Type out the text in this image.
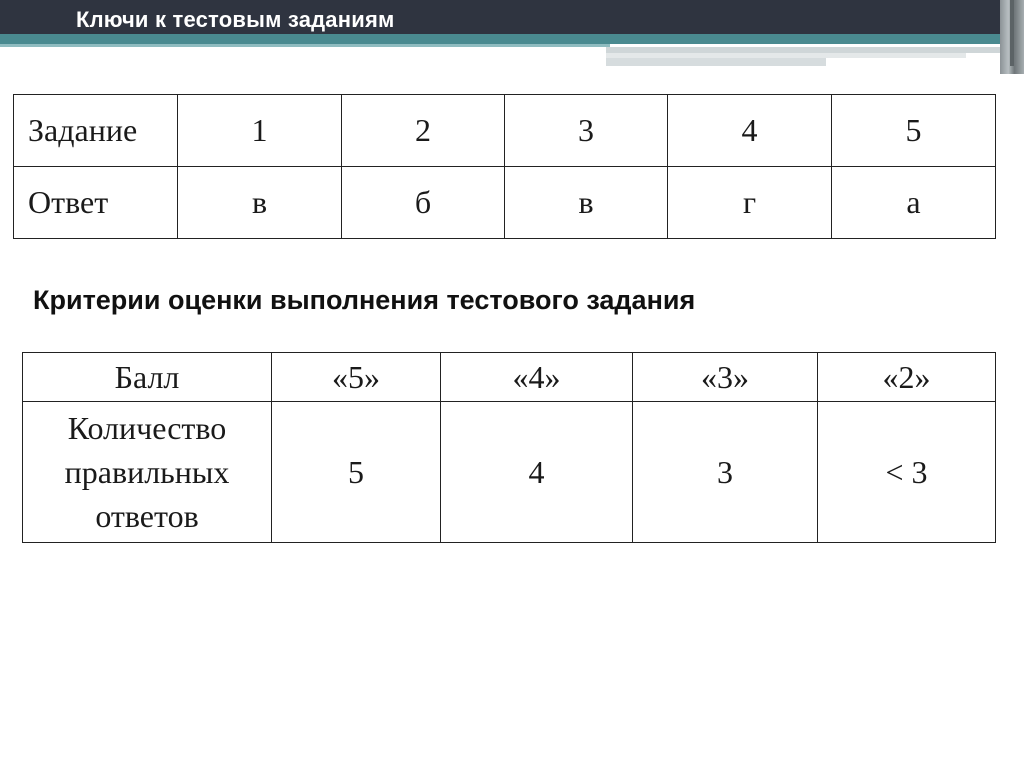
Ключи к тестовым заданиям
Задание	1	2	3	4	5
Ответ	в	б	в	г	а
Критерии оценки выполнения тестового задания
Балл	«5»	«4»	«3»	«2»

Количество
правильных
ответов	5	4	3	< 3
